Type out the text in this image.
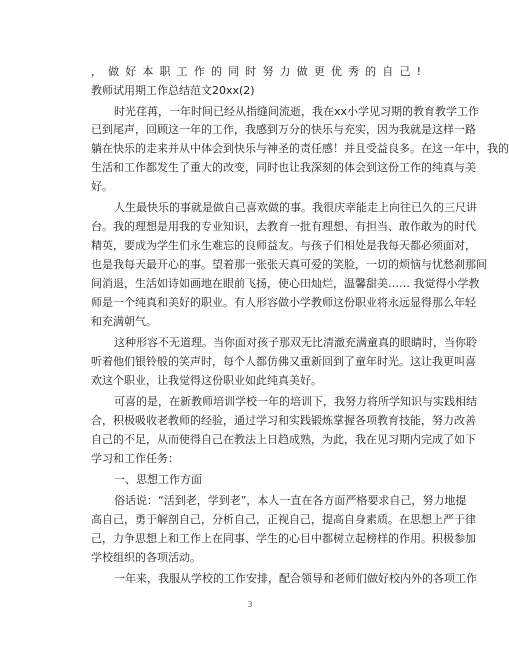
，做好本职工作的同时努力做更优秀的自己!
教师试用期工作总结范文20xx(2)
时光荏苒，一年时间已经从指缝间流逝，我在xx小学见习期的教育教学工作
已到尾声，回顾这一年的工作，我感到万分的快乐与充实，因为我就是这样一路
躺在快乐的走来并从中体会到快乐与神圣的责任感！并且受益良多。在这一年中，我的
生活和工作都发生了重大的改变，同时也让我深刻的体会到这份工作的纯真与美
好。
人生最快乐的事就是做自己喜欢做的事。我很庆幸能走上向往已久的三尺讲
台。我的理想是用我的专业知识，去教育一批有理想、有担当、敢作敢为的时代
精英，要成为学生们永生难忘的良师益友。与孩子们相处是我每天都必须面对，
也是我每天最开心的事。望着那一张张天真可爱的笑脸，一切的烦恼与忧愁刹那间
间消退，生活如诗如画地在眼前飞扬，使心田灿烂，温馨甜美…… 我觉得小学教
师是一个纯真和美好的职业。有人形容做小学教师这份职业将永远显得那么年轻
和充满朝气。
这种形容不无道理。当你面对孩子那双无比清澈充满童真的眼睛时，当你聆
听着他们银铃般的笑声时，每个人都仿佛又重新回到了童年时光。这让我更叫喜
欢这个职业，让我觉得这份职业如此纯真美好。
可喜的是，在新教师培训学校一年的培训下，我努力将所学知识与实践相结
合，积极吸收老教师的经验，通过学习和实践锻炼掌握各项教育技能，努力改善
自己的不足，从而使得自己在教法上日趋成熟，为此，我在见习期内完成了如下
学习和工作任务：
一、思想工作方面
俗话说：“活到老，学到老”，本人一直在各方面严格要求自己，努力地提
高自己，勇于解剖自己，分析自己，正视自己，提高自身素质。在思想上严于律
己，力争思想上和工作上在同事、学生的心目中都树立起榜样的作用。积极参加
学校组织的各项活动。
一年来，我服从学校的工作安排，配合领导和老师们做好校内外的各项工作
3
